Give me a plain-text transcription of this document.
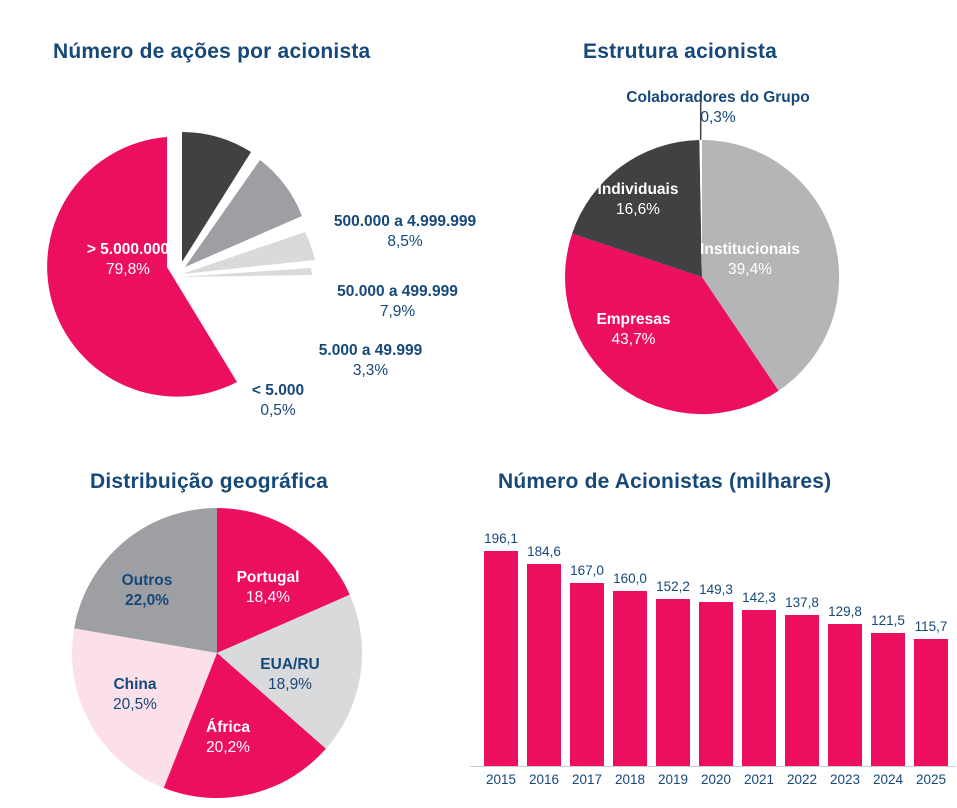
Número de ações por acionista
> 5.000.000
79,8%
500.000 a 4.999.999
8,5%
50.000 a 499.999
7,9%
5.000 a 49.999
3,3%
< 5.000
0,5%
Estrutura acionista
Colaboradores do Grupo
0,3%
Individuais
16,6%
Institucionais
39,4%
Empresas
43,7%
Distribuição geográfica
Outros
22,0%
Portugal
18,4%
EUA/RU
18,9%
China
20,5%
África
20,2%
Número de Acionistas (milhares)
196,1
184,6
167,0
160,0
152,2 149,3
142,3 137,8
129,8
121,5 115,7
2015 2016 2017 2018 2019 2020 2021 2022 2023 2024 2025
